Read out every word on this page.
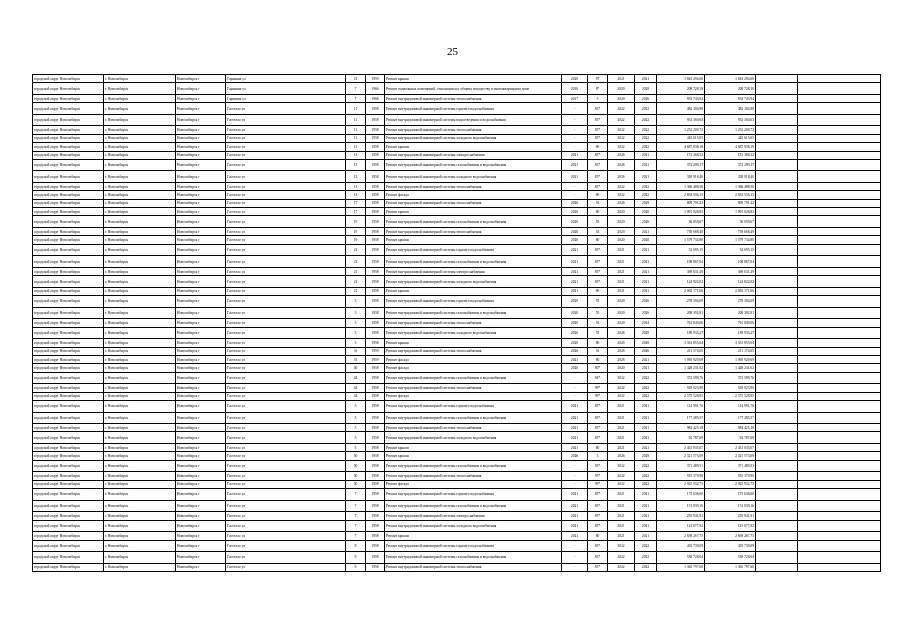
25
городской округ Новосибирск	г. Новосибирск	Новосибирск г	Гаранина ул	21	1959	Ремонт крыши	2020	87	2021	2021	1 843 294,66	1 843 294,66		
городской округ Новосибирск	г. Новосибирск	Новосибирск г	Гаранина ул	7	1966	Ремонт подвальных помещений, относящихся к общему имуществу в многоквартирном доме	2016	8*	2020	2020	208 728,18	208 728,18		
городской округ Новосибирск	г. Новосибирск	Новосибирск г	Гаранина ул	7	1966	Ремонт внутридомовой инженерной системы теплоснабжения	2017	5	2020	2026	933 743,94	933 743,94		
городской округ Новосибирск	г. Новосибирск	Новосибирск г	Гастелло ул	11	1958	Ремонт внутридомовой инженерной системы горячего водоснабжения	-	85*	2022	2022	482 304,98	482 304,98		
городской округ Новосибирск	г. Новосибирск	Новосибирск г	Гастелло ул	11	1958	Ремонт внутридомовой инженерной системы водоотведения и водоснабжения	-	85*	2022	2022	933 360,63	933 360,63		
городской округ Новосибирск	г. Новосибирск	Новосибирск г	Гастелло ул	11	1958	Ремонт внутридомовой инженерной системы теплоснабжения	-	85*	2022	2022	1 252 200,72	1 252 200,72		
городской округ Новосибирск	г. Новосибирск	Новосибирск г	Гастелло ул	11	1958	Ремонт внутридомовой инженерной системы холодного водоснабжения	-	85*	2022	2022	445 615,05	445 615,05		
городской округ Новосибирск	г. Новосибирск	Новосибирск г	Гастелло ул	11	1958	Ремонт крыши	-	80	2022	2022	4 687 938,18	4 687 938,18		
городской округ Новосибирск	г. Новосибирск	Новосибирск г	Гастелло ул	13	1958	Ремонт внутридомовой инженерной системы электроснабжения	2021	85*	2026	2021	172 368,32	172 368,32		
городской округ Новосибирск	г. Новосибирск	Новосибирск г	Гастелло ул	13	1958	Ремонт внутридомовой инженерной системы газоснабжения и водоснабжения	2021	85*	2026	2021	372 299,17	372 299,17		
городской округ Новосибирск	г. Новосибирск	Новосибирск г	Гастелло ул	13	1958	Ремонт внутридомовой инженерной системы холодного водоснабжения	2021	85*	2026	2021	338 918,40	338 918,40		
городской округ Новосибирск	г. Новосибирск	Новосибирск г	Гастелло ул	13	1958	Ремонт внутридомовой инженерной системы теплоснабжения	-	85*	2022	2022	1 366 488,56	1 366 488,56		
городской округ Новосибирск	г. Новосибирск	Новосибирск г	Гастелло ул	13	1958	Ремонт фасада	-	80	2022	2022	2 853 556,13	2 853 556,13		
городской округ Новосибирск	г. Новосибирск	Новосибирск г	Гастелло ул	17	1958	Ремонт внутридомовой инженерной системы теплоснабжения	2026	33	2026	2029	809 791,22	809 791,22		
городской округ Новосибирск	г. Новосибирск	Новосибирск г	Гастелло ул	17	1958	Ремонт крыши	2020	80	2020	2020	1 991 028,83	1 991 028,83		
городской округ Новосибирск	г. Новосибирск	Новосибирск г	Гастелло ул	19	1958	Ремонт внутридомовой инженерной системы газоснабжения и водоснабжения	2020	55	2020	2026	36 059,67	36 059,67		
городской округ Новосибирск	г. Новосибирск	Новосибирск г	Гастелло ул	19	1958	Ремонт внутридомовой инженерной системы теплоснабжения	2020	33	2020	2021	739 668,49	739 668,49		
городской округ Новосибирск	г. Новосибирск	Новосибирск г	Гастелло ул	19	1958	Ремонт крыши	2020	80	2020	2020	1 579 734,80	1 579 734,80		
городской округ Новосибирск	г. Новосибирск	Новосибирск г	Гастелло ул	21	1958	Ремонт внутридомовой инженерной системы горячего водоснабжения	2021	85*	2021	2021	52 695,15	52 695,15		
городской округ Новосибирск	г. Новосибирск	Новосибирск г	Гастелло ул	21	1958	Ремонт внутридомовой инженерной системы газоснабжения и водоснабжения	2021	85*	2021	2021	108 867,04	108 867,04		
городской округ Новосибирск	г. Новосибирск	Новосибирск г	Гастелло ул	21	1958	Ремонт внутридомовой инженерной системы электроснабжения	2021	85*	2021	2021	369 631,49	369 631,49		
городской округ Новосибирск	г. Новосибирск	Новосибирск г	Гастелло ул	21	1958	Ремонт внутридомовой инженерной системы холодного водоснабжения	2021	85*	2021	2021	124 822,02	124 822,02		
городской округ Новосибирск	г. Новосибирск	Новосибирск г	Гастелло ул	21	1958	Ремонт крыши	2021	80	2021	2021	2 065 171,66	2 065 171,66		
городской округ Новосибирск	г. Новосибирск	Новосибирск г	Гастелло ул	3	1958	Ремонт внутридомовой инженерной системы горячего водоснабжения	2020	55	2020	2026	278 394,09	278 394,09		
городской округ Новосибирск	г. Новосибирск	Новосибирск г	Гастелло ул	3	1958	Ремонт внутридомовой инженерной системы газоснабжения и водоснабжения	2020	55	2020	2026	208 392,81	208 392,81		
городской округ Новосибирск	г. Новосибирск	Новосибирск г	Гастелло ул	3	1958	Ремонт внутридомовой инженерной системы теплоснабжения	2020	33	2020	2024	761 849,06	761 849,06		
городской округ Новосибирск	г. Новосибирск	Новосибирск г	Гастелло ул	3	1958	Ремонт внутридомовой инженерной системы холодного водоснабжения	2026	33	2026	2029	189 933,27	189 933,27		
городской округ Новосибирск	г. Новосибирск	Новосибирск г	Гастелло ул	3	1958	Ремонт крыши	2020	80	2020	2020	3 331 855,64	3 331 855,64		
городской округ Новосибирск	г. Новосибирск	Новосибирск г	Гастелло ул	31	1959	Ремонт внутридомовой инженерной системы теплоснабжения	2026	33	2026	2026	211 174,65	211 174,65		
городской округ Новосибирск	г. Новосибирск	Новосибирск г	Гастелло ул	31	1959	Ремонт фасада	2021	80	2026	2021	1 095 929,69	1 095 929,69		
городской округ Новосибирск	г. Новосибирск	Новосибирск г	Гастелло ул	40	1958	Ремонт фасада	2020	80*	2020	2021	1 428 231,02	1 428 231,02		
городской округ Новосибирск	г. Новосибирск	Новосибирск г	Гастелло ул	44	1958	Ремонт внутридомовой инженерной системы газоснабжения и водоснабжения	-	94*	2022	2022	372 599,76	372 599,76		
городской округ Новосибирск	г. Новосибирск	Новосибирск г	Гастелло ул	44	1958	Ремонт внутридомовой инженерной системы теплоснабжения	-	99*	2022	2022	918 023,90	918 023,90		
городской округ Новосибирск	г. Новосибирск	Новосибирск г	Гастелло ул	44	1958	Ремонт фасада	-	99*	2022	2022	2 575 528,95	2 575 528,95		
городской округ Новосибирск	г. Новосибирск	Новосибирск г	Гастелло ул	5	1958	Ремонт внутридомовой инженерной системы горячего водоснабжения	2021	85*	2021	2021	114 991,76	114 991,76		
городской округ Новосибирск	г. Новосибирск	Новосибирск г	Гастелло ул	5	1958	Ремонт внутридомовой инженерной системы газоснабжения и водоснабжения	2021	85*	2021	2021	177 285,57	177 285,57		
городской округ Новосибирск	г. Новосибирск	Новосибирск г	Гастелло ул	5	1958	Ремонт внутридомовой инженерной системы теплоснабжения	2021	85*	2021	2021	984 425,18	984 425,18		
городской округ Новосибирск	г. Новосибирск	Новосибирск г	Гастелло ул	5	1958	Ремонт внутридомовой инженерной системы холодного водоснабжения	2021	85*	2021	2021	92 787,69	92 787,69		
городской округ Новосибирск	г. Новосибирск	Новосибирск г	Гастелло ул	5	1958	Ремонт крыши	2021	80	2021	2021	2 431 035,07	2 431 035,07		
городской округ Новосибирск	г. Новосибирск	Новосибирск г	Гастелло ул	50	1958	Ремонт крыши	2026	3	2026	2029	2 321 573,09	2 321 573,09		
городской округ Новосибирск	г. Новосибирск	Новосибирск г	Гастелло ул	50	1958	Ремонт внутридомовой инженерной системы газоснабжения и водоснабжения	-	95*	2022	2022	371 489,51	371 489,51		
городской округ Новосибирск	г. Новосибирск	Новосибирск г	Гастелло ул	50	1958	Ремонт внутридомовой инженерной системы теплоснабжения	-	95*	2022	2022	915 370,90	915 370,90		
городской округ Новосибирск	г. Новосибирск	Новосибирск г	Гастелло ул	50	1958	Ремонт фасада	-	99*	2022	2022	2 925 932,73	2 925 932,73		
городской округ Новосибирск	г. Новосибирск	Новосибирск г	Гастелло ул	7	1958	Ремонт внутридомовой инженерной системы горячего водоснабжения	2021	85*	2021	2021	175 636,60	175 636,60		
городской округ Новосибирск	г. Новосибирск	Новосибирск г	Гастелло ул	7	1958	Ремонт внутридомовой инженерной системы газоснабжения и водоснабжения	2021	85*	2021	2021	151 039,16	151 039,16		
городской округ Новосибирск	г. Новосибирск	Новосибирск г	Гастелло ул	7	1958	Ремонт внутридомовой инженерной системы электроснабжения	2021	85*	2021	2021	255 941,91	255 941,91		
городской округ Новосибирск	г. Новосибирск	Новосибирск г	Гастелло ул	7	1958	Ремонт внутридомовой инженерной системы холодного водоснабжения	2021	85*	2021	2021	121 077,92	121 077,92		
городской округ Новосибирск	г. Новосибирск	Новосибирск г	Гастелло ул	7	1958	Ремонт крыши	2021	80	2021	2021	2 658 267,75	2 658 267,75		
городской округ Новосибирск	г. Новосибирск	Новосибирск г	Гастелло ул	9	1958	Ремонт внутридомовой инженерной системы горячего водоснабжения	-	85*	2022	2022	435 739,09	435 739,09		
городской округ Новосибирск	г. Новосибирск	Новосибирск г	Гастелло ул	9	1958	Ремонт внутридомовой инженерной системы газоснабжения и водоснабжения	-	85*	2022	2022	538 728,64	538 728,64		
городской округ Новосибирск	г. Новосибирск	Новосибирск г	Гастелло ул	9	1958	Ремонт внутридомовой инженерной системы теплоснабжения	-	85*	2022	2022	1 365 797,60	1 365 797,60		
